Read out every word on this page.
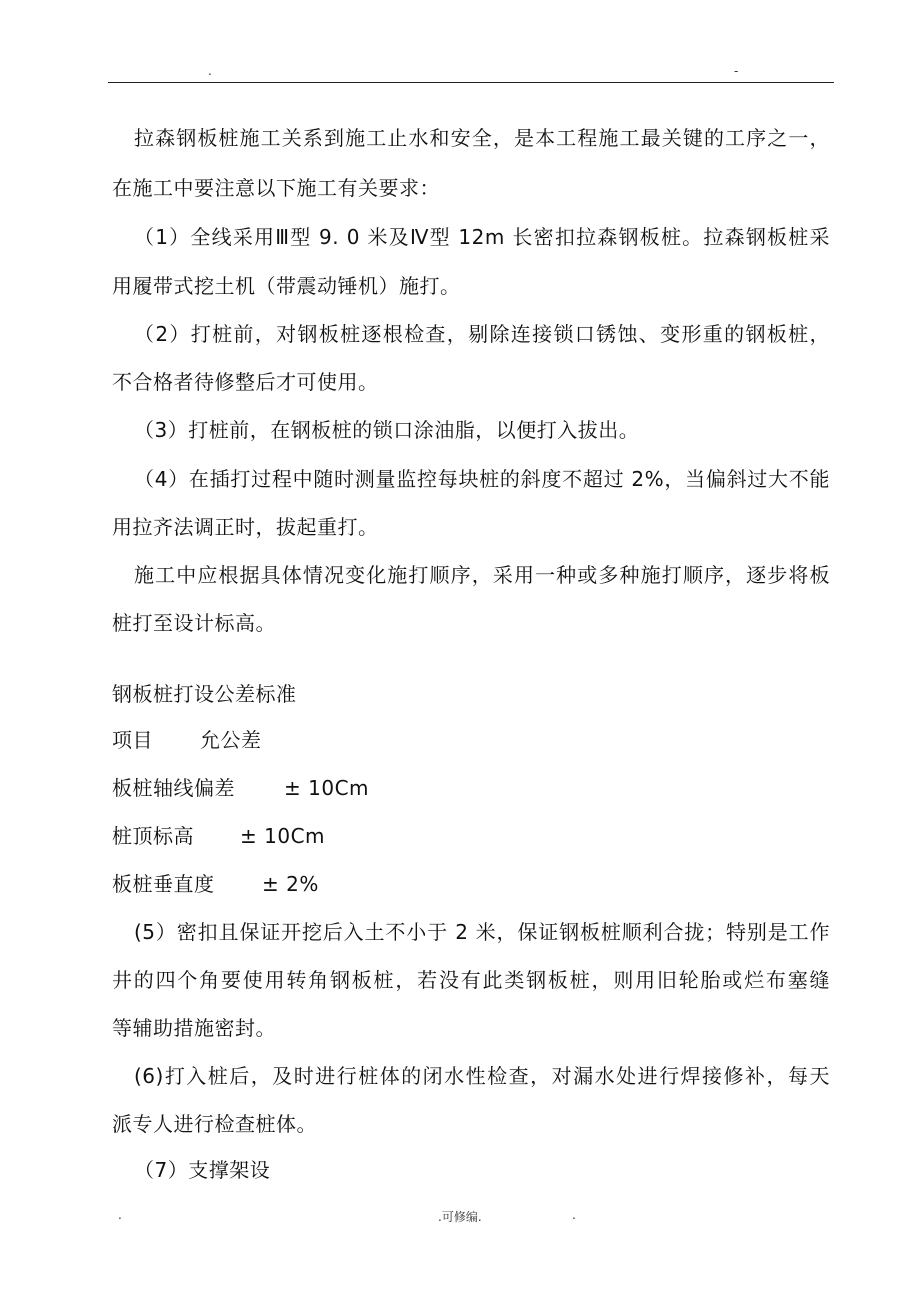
.	-
拉森钢板桩施工关系到施工止水和安全，是本工程施工最关键的工序之一，
在施工中要注意以下施工有关要求：
（1）全线采用Ⅲ型 9. 0 米及Ⅳ型 12m 长密扣拉森钢板桩。拉森钢板桩采
用履带式挖土机（带震动锤机）施打。
（2）打桩前，对钢板桩逐根检查，剔除连接锁口锈蚀、变形重的钢板桩，
不合格者待修整后才可使用。
（3）打桩前，在钢板桩的锁口涂油脂，以便打入拔出。
（4）在插打过程中随时测量监控每块桩的斜度不超过 2%，当偏斜过大不能
用拉齐法调正时，拔起重打。
施工中应根据具体情况变化施打顺序，采用一种或多种施打顺序，逐步将板
桩打至设计标高。
钢板桩打设公差标准
项目 允公差
板桩轴线偏差 ± 10Cm
桩顶标高 ± 10Cm
板桩垂直度 ± 2%
(5）密扣且保证开挖后入土不小于 2 米，保证钢板桩顺利合拢；特别是工作
井的四个角要使用转角钢板桩，若没有此类钢板桩，则用旧轮胎或烂布塞缝
等辅助措施密封。
(6)打入桩后，及时进行桩体的闭水性检查，对漏水处进行焊接修补，每天
派专人进行检查桩体。
（7）支撑架设
.	.可修编.	.
